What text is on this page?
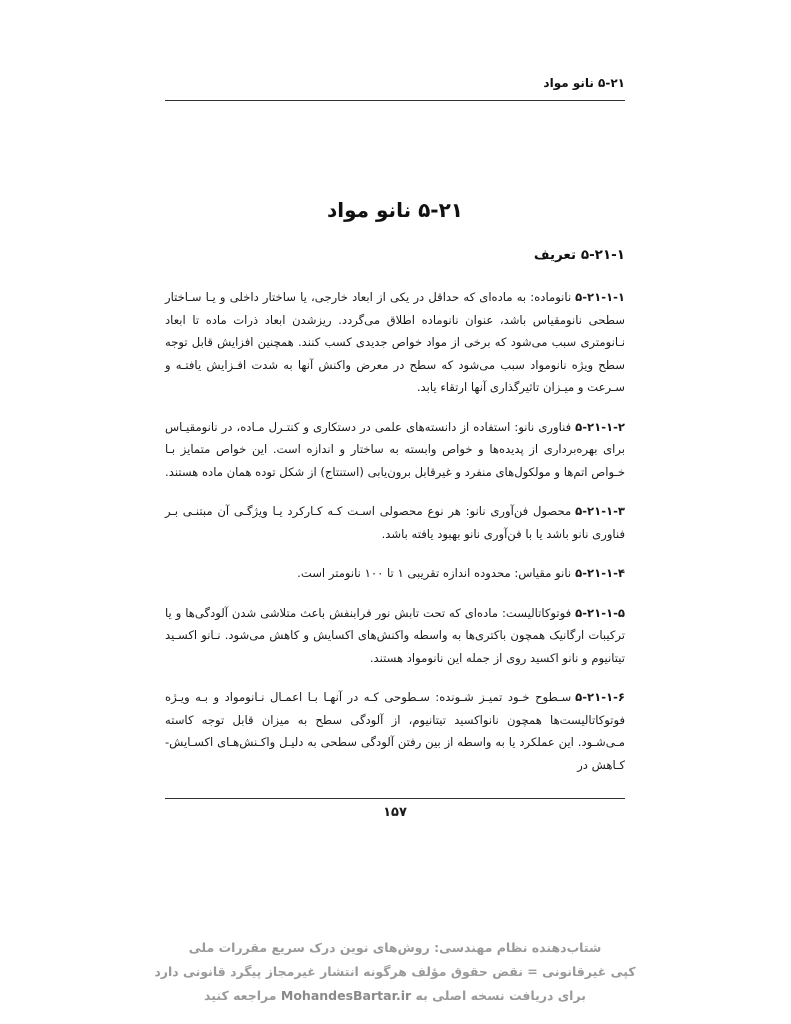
۵-۲۱ نانو مواد
۵-۲۱ نانو مواد
۵-۲۱-۱ تعریف

۵-۲۱-۱-۱نانوماده: به ماده‌ای که حداقل در یکی از ابعاد خارجی، یا ساختار داخلی و یـا سـاختار سطحی نانومقیاس باشد، عنوان نانوماده اطلاق می‌گردد. ریزشدن ابعاد ذرات ماده تا ابعاد نـانومتری سبب می‌شود که برخی از مواد خواص جدیدی کسب کنند. همچنین افزایش قابل توجه سطح ویژه نانومواد سبب می‌شود که سطح در معرض واکنش آنها به شدت افـزایش یافتـه و سـرعت و میـزان تاثیرگذاری آنها ارتقاء یابد.

۵-۲۱-۱-۲فناوری نانو: استفاده از دانسته‌های علمی در دستکاری و کنتـرل مـاده، در نانومقیـاس برای بهره‌برداری از پدیده‌ها و خواص وابسته به ساختار و اندازه است. این خواص متمایز بـا خـواص اتم‌ها و مولکول‌های منفرد و غیرقابل برون‌یابی (استنتاج) از شکل توده همان ماده هستند.

۵-۲۱-۱-۳محصول فن‌آوری نانو: هر نوع محصولی اسـت کـه کـارکرد یـا ویژگـی آن مبتنـی بـر فناوری نانو باشد یا با فن‌آوری نانو بهبود یافته باشد.

۵-۲۱-۱-۴نانو مقیاس: محدوده اندازه تقریبی ۱ تا ۱۰۰ نانومتر است.

۵-۲۱-۱-۵فوتوکاتالیست: ماده‌ای که تحت تابش نور فرابنفش باعث متلاشی شدن آلودگی‌ها و یا ترکیبات ارگانیک همچون باکتری‌ها به واسطه واکنش‌های اکسایش و کاهش می‌شود. نـانو اکسـید تیتانیوم و نانو اکسید روی از جمله این نانومواد هستند.

۵-۲۱-۱-۶سـطوح خـود تمیـز شـونده: سـطوحی کـه در آنهـا بـا اعمـال نـانومواد و بـه ویـژه فوتوکاتالیست‌ها همچون نانواکسید تیتانیوم، از آلودگی سطح به میزان قابل توجه کاسته مـی‌شـود. این عملکرد یا به واسطه از بین رفتن آلودگی سطحی به دلیـل واکـنش‌هـای اکسـایش-کـاهش در

۱۵۷
شتاب‌دهنده نظام مهندسی: روش‌های نوین درک سریع مقررات ملی
کپی غیرقانونی = نقض حقوق مؤلف هرگونه انتشار غیرمجاز پیگرد قانونی دارد
برای دریافت نسخه اصلی به MohandesBartar.ir مراجعه کنید
